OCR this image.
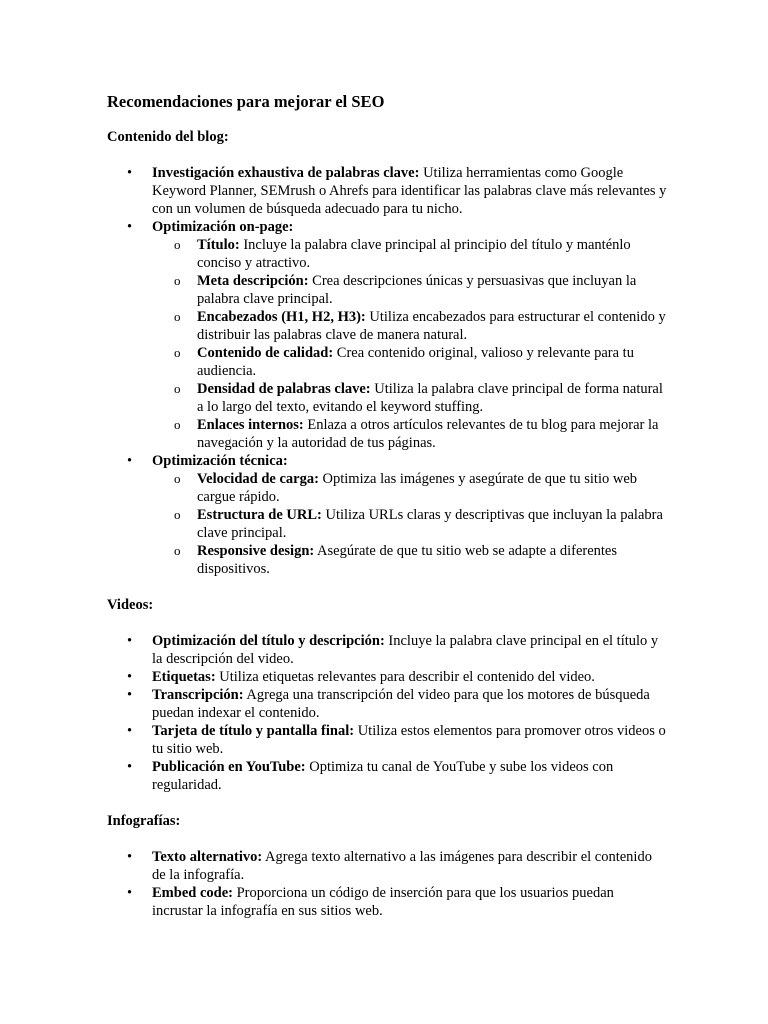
Recomendaciones para mejorar el SEO
Contenido del blog:
• Investigación exhaustiva de palabras clave: Utiliza herramientas como Google Keyword Planner, SEMrush o Ahrefs para identificar las palabras clave más relevantes y con un volumen de búsqueda adecuado para tu nicho.
• Optimización on-page:
o Título: Incluye la palabra clave principal al principio del título y manténlo conciso y atractivo.
o Meta descripción: Crea descripciones únicas y persuasivas que incluyan la palabra clave principal.
o Encabezados (H1, H2, H3): Utiliza encabezados para estructurar el contenido y distribuir las palabras clave de manera natural.
o Contenido de calidad: Crea contenido original, valioso y relevante para tu audiencia.
o Densidad de palabras clave: Utiliza la palabra clave principal de forma natural a lo largo del texto, evitando el keyword stuffing.
o Enlaces internos: Enlaza a otros artículos relevantes de tu blog para mejorar la navegación y la autoridad de tus páginas.
• Optimización técnica:
o Velocidad de carga: Optimiza las imágenes y asegúrate de que tu sitio web cargue rápido.
o Estructura de URL: Utiliza URLs claras y descriptivas que incluyan la palabra clave principal.
o Responsive design: Asegúrate de que tu sitio web se adapte a diferentes dispositivos.
Videos:
• Optimización del título y descripción: Incluye la palabra clave principal en el título y la descripción del video.
• Etiquetas: Utiliza etiquetas relevantes para describir el contenido del video.
• Transcripción: Agrega una transcripción del video para que los motores de búsqueda puedan indexar el contenido.
• Tarjeta de título y pantalla final: Utiliza estos elementos para promover otros videos o tu sitio web.
• Publicación en YouTube: Optimiza tu canal de YouTube y sube los videos con regularidad.
Infografías:
• Texto alternativo: Agrega texto alternativo a las imágenes para describir el contenido de la infografía.
• Embed code: Proporciona un código de inserción para que los usuarios puedan incrustar la infografía en sus sitios web.
